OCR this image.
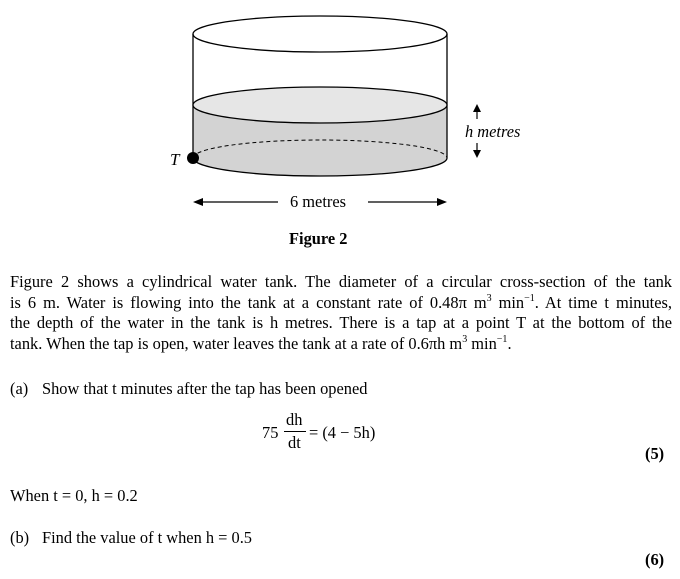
T
h metres
6 metres
Figure 2
Figure 2 shows a cylindrical water tank. The diameter of a circular cross-section of the tank
is 6 m. Water is flowing into the tank at a constant rate of 0.48π $m^3$ $\min^{-1}$. At time t minutes,
the depth of the water in the tank is h metres. There is a tap at a point T at the bottom of the
tank. When the tap is open, water leaves the tank at a rate of 0.6πh $m^3$ $\min^{-1}$.
(a) Show that t minutes after the tap has been opened
75
dh
dt
= (4 − 5h)
(5)
When t = 0, h = 0.2
(b) Find the value of t when h = 0.5
(6)
